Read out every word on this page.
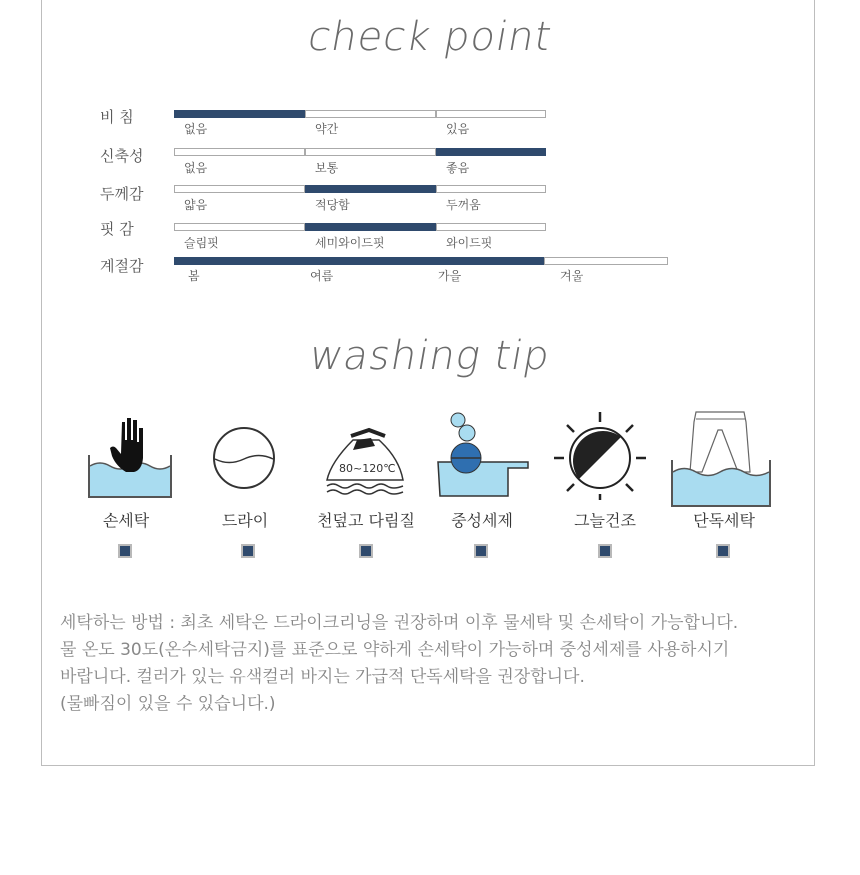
check point
비 침
없음	약간	있음
신축성
없음	보통	좋음
두께감
얇음	적당함	두꺼움
핏 감
슬림핏	세미와이드핏	와이드핏
계절감
봄	여름	가을	겨울
washing tip
80~120℃
손세탁	드라이	천덮고 다림질	중성세제	그늘건조	단독세탁
세탁하는 방법 : 최초 세탁은 드라이크리닝을 권장하며 이후 물세탁 및 손세탁이 가능합니다.
물 온도 30도(온수세탁금지)를 표준으로 약하게 손세탁이 가능하며 중성세제를 사용하시기
바랍니다. 컬러가 있는 유색컬러 바지는 가급적 단독세탁을 권장합니다.
(물빠짐이 있을 수 있습니다.)
